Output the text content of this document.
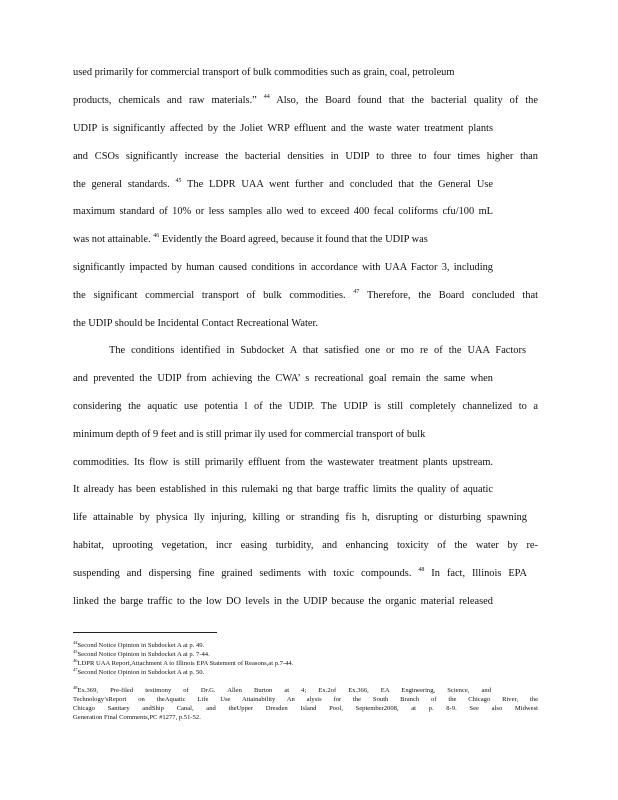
used primarily for commercial transport of bulk commodities such as grain, coal, petroleum
products, chemicals and raw materials.” $^{44}$ Also, the Board found that the bacterial quality of the
UDIP is significantly affected by the Joliet WRP effluent and the waste water treatment plants
and CSOs significantly increase the bacterial densities in UDIP to three to four times higher than
the general standards. $^{45}$ The LDPR UAA went further and concluded that the General Use
maximum standard of 10% or less samples allo wed to exceed 400 fecal coliforms cfu/100 mL
was not attainable. $^{46}$ Evidently the Board agreed, because it found that the UDIP was
significantly impacted by human caused conditions in accordance with UAA Factor 3, including
the significant commercial transport of bulk commodities. $^{47}$ Therefore, the Board concluded that
the UDIP should be Incidental Contact Recreational Water.
The conditions identified in Subdocket A that satisfied one or mo re of the UAA Factors
and prevented the UDIP from achieving the CWA’ s recreational goal remain the same when
considering the aquatic use potentia l of the UDIP. The UDIP is still completely channelized to a
minimum depth of 9 feet and is still primar ily used for commercial transport of bulk
commodities. Its flow is still primarily effluent from the wastewater treatment plants upstream.
It already has been established in this rulemaki ng that barge traffic limits the quality of aquatic
life attainable by physica lly injuring, killing or stranding fis h, disrupting or disturbing spawning
habitat, uprooting vegetation, incr easing turbidity, and enhancing toxicity of the water by re-
suspending and dispersing fine grained sediments with toxic compounds. $^{48}$ In fact, Illinois EPA
linked the barge traffic to the low DO levels in the UDIP because the organic material released
$^{44}$Second Notice Opinion in Subdocket A at p. 49.
$^{45}$Second Notice Opinion in Subdocket A at p. 7-44.
$^{46}$LDPR UAA Report,Attachment A to Illinois EPA Statement of Reasons,at p.7-44.
$^{47}$Second Notice Opinion in Subdocket A at p. 50.
$^{48}$Ex.369, Pre-filed testimony of Dr.G. Allen Burton at 4; Ex.2of Ex.366, EA Engineering, Science, and
Technology’sReport on theAquatic Life Use Attainability An alysis for the South Branch of the Chicago River, the
Chicago Sanitary andShip Canal, and theUpper Dresden Island Pool, September2008, at p. 8-9. See also Midwest
Generation Final Comments,PC #1277, p.51-52.
